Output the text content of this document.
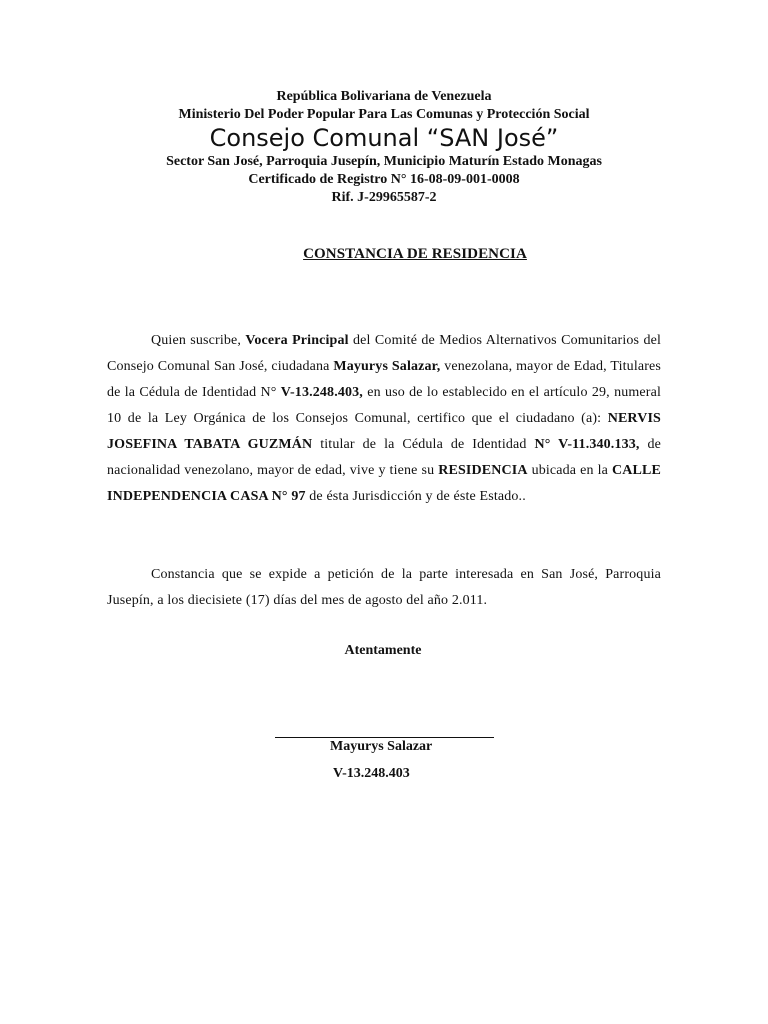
República Bolivariana de Venezuela
Ministerio Del Poder Popular Para Las Comunas y Protección Social
Consejo Comunal “SAN José”
Sector San José, Parroquia Jusepín, Municipio Maturín Estado Monagas
Certificado de Registro N° 16-08-09-001-0008
Rif. J-29965587-2
CONSTANCIA DE RESIDENCIA
Quien suscribe, Vocera Principal del Comité de Medios Alternativos Comunitarios del Consejo Comunal San José, ciudadana Mayurys Salazar, venezolana, mayor de Edad, Titulares de la Cédula de Identidad N° V-13.248.403, en uso de lo establecido en el artículo 29, numeral 10 de la Ley Orgánica de los Consejos Comunal, certifico que el ciudadano (a): NERVIS JOSEFINA TABATA GUZMÁN titular de la Cédula de Identidad N° V-11.340.133, de nacionalidad venezolano, mayor de edad, vive y tiene su RESIDENCIA ubicada en la CALLE INDEPENDENCIA CASA N° 97 de ésta Jurisdicción y de éste Estado..
Constancia que se expide a petición de la parte interesada en San José, Parroquia Jusepín, a los diecisiete (17) días del mes de agosto del año 2.011.
Atentamente
Mayurys Salazar
V-13.248.403
